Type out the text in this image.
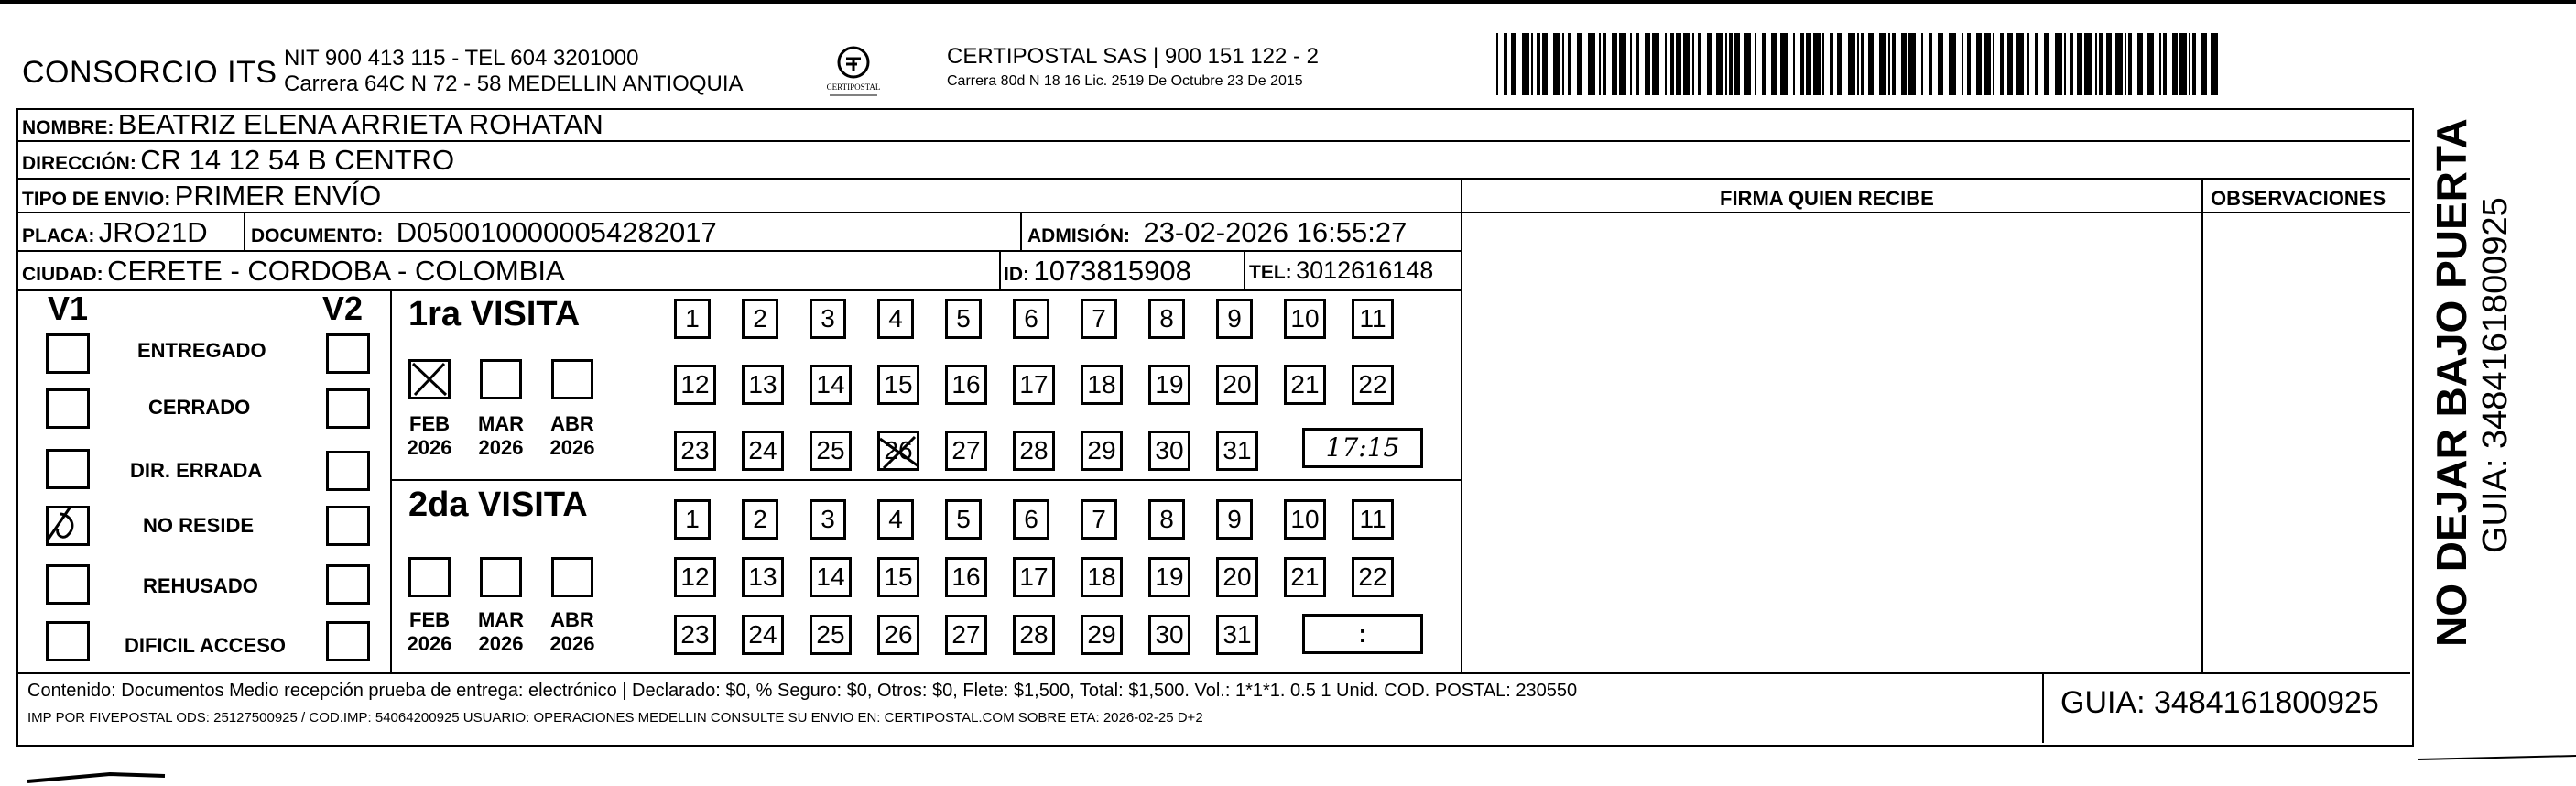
CONSORCIO ITS NIT 900 413 115 - TEL 604 3201000
Carrera 64C N 72 - 58 MEDELLIN ANTIOQUIA	CERTIPOSTAL
CERTIPOSTAL SAS | 900 151 122 - 2
Carrera 80d N 18 16 Lic. 2519 De Octubre 23 De 2015
NOMBRE: BEATRIZ ELENA ARRIETA ROHATAN
DIRECCIÓN: CR 14 12 54 B CENTRO
TIPO DE ENVIO: PRIMER ENVÍO	FIRMA QUIEN RECIBE	OBSERVACIONES
PLACA: JRO21D DOCUMENTO: D0500100000054282017	ADMISIÓN: 23-02-2026 16:55:27
CIUDAD: CERETE - CORDOBA - COLOMBIA	ID: 1073815908	TEL: 3012616148
V1	V2
ENTREGADO
CERRADO
DIR. ERRADA
NO RESIDE
REHUSADO
DIFICIL ACCESO
1ra VISITA
FEB
2026
MAR
2026
ABR
2026
1	2	3	4	5	6	7	8	9	10	11
12 13 14 15 16 17 18 19 20 21 22
23 24 25 26 27 28 29 30 31	17:15
2da VISITA
FEB
2026
MAR
2026
ABR
2026
1	2	3	4	5	6	7	8	9	10	11
12 13 14 15 16 17 18 19 20 21 22
23 24 25 26 27 28 29 30 31	:
Contenido: Documentos Medio recepción prueba de entrega: electrónico | Declarado: $0, % Seguro: $0, Otros: $0, Flete: $1,500, Total: $1,500. Vol.: 1*1*1. 0.5 1 Unid. COD. POSTAL: 230550
IMP POR FIVEPOSTAL ODS: 25127500925 / COD.IMP: 54064200925 USUARIO: OPERACIONES MEDELLIN CONSULTE SU ENVIO EN: CERTIPOSTAL.COM SOBRE ETA: 2026-02-25 D+2	GUIA: 3484161800925
NO DEJAR BAJO PUERTA GUIA: 3484161800925
